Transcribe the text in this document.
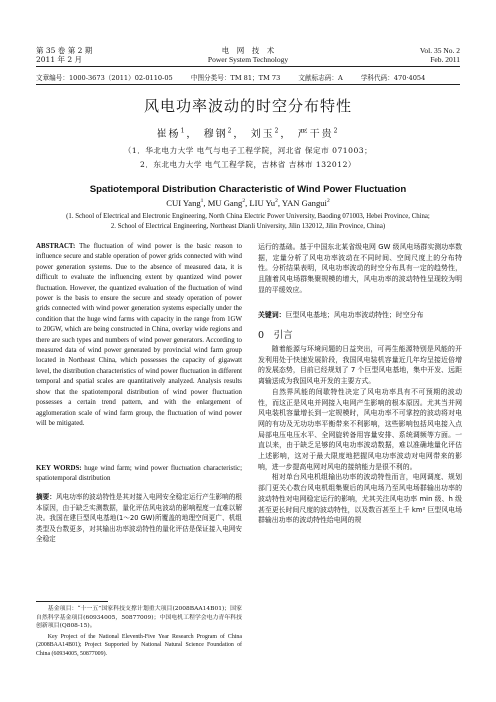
第 35 卷 第 2 期
2011 年 2 月
电　网　技　术
Power System Technology
Vol. 35 No. 2
Feb. 2011
文章编号：1000-3673（2011）02-0110-05	中图分类号：TM 81；TM 73	文献标志码：A	学科代码：470·4054
风电功率波动的时空分布特性
崔杨$^1$， 穆钢$^2$， 刘玉$^2$， 严干贵$^2$
（1．华北电力大学 电气与电子工程学院，河北省 保定市 071003；
2．东北电力大学 电气工程学院，吉林省 吉林市 132012）
Spatiotemporal Distribution Characteristic of Wind Power Fluctuation
CUI Yang$^1$, MU Gang$^2$, LIU Yu$^2$, YAN Gangui$^2$
(1. School of Electrical and Electronic Engineering, North China Electric Power University, Baoding 071003, Hebei Province, China;
2. School of Electrical Engineering, Northeast Dianli University, Jilin 132012, Jilin Province, China)
ABSTRACT: The fluctuation of wind power is the basic reason to influence secure and stable operation of power grids connected with wind power generation systems. Due to the absence of measured data, it is difficult to evaluate the influencing extent by quantized wind power fluctuation. However, the quantized evaluation of the fluctuation of wind power is the basis to ensure the secure and steady operation of power grids connected with wind power generation systems especially under the condition that the huge wind farms with capacity in the range from 1GW to 20GW, which are being constructed in China, overlay wide regions and there are such types and numbers of wind power generators. According to measured data of wind power generated by provincial wind farm group located in Northeast China, which possesses the capacity of gigawatt level, the distribution characteristics of wind power fluctuation in different temporal and spatial scales are quantitatively analyzed. Analysis results show that the spatiotemporal distribution of wind power fluctuation possesses a certain trend pattern, and with the enlargement of agglomeration scale of wind farm group, the fluctuation of wind power will be mitigated.
KEY WORDS: huge wind farm; wind power fluctuation characteristic; spatiotemporal distribution
摘要：风电功率的波动特性是其对接入电网安全稳定运行产生影响的根本原因，由于缺乏实测数据，量化评估风电波动的影响程度一直难以解决。我国在建巨型风电基地(1～20 GW)所覆盖的地理空间更广、机组类型及台数更多，对其输出功率波动特性的量化评估是保证接入电网安全稳定
基金项目：“十一五”国家科技支撑计划重大项目(2008BAA14B01)；国家自然科学基金项目(60934005，50877009)；中国电机工程学会电力青年科技创新项目(Q808-15)。
Key Project of the National Eleventh-Five Year Research Program of China (2008BAA14B01); Project Supported by National Natural Science Foundation of China (60934005, 50877009).
运行的基础。基于中国东北某省级电网 GW 级风电场群实测功率数据，定量分析了风电功率波动在不同时间、空间尺度上的分布特性。分析结果表明，风电功率波动的时空分布具有一定的趋势性，且随着风电场群集聚规模的增大，风电功率的波动特性呈现较为明显的平缓效应。
关键词：巨型风电基地；风电功率波动特性；时空分布
0　 引言

随着能源与环境问题的日益突出，可再生能源特别是风能的开发利用处于快速发展阶段，我国风电装机容量近几年均呈接近倍增的发展态势，目前已经规划了 7 个巨型风电基地，集中开发、远距离输送成为我国风电开发的主要方式。

自然界风能的间歇特性决定了风电功率具有不可预期的波动性，而这正是风电并网接入电网产生影响的根本原因。尤其当并网风电装机容量增长到一定规模时，风电功率不可掌控的波动将对电网的有功及无功功率平衡带来不利影响，这些影响包括风电接入点局部电压电压水平、全网旋转备用容量安排、系统调频等方面。一直以来，由于缺乏足够的风电功率波动数据，难以准确地量化评估上述影响，这对于最大限度地把握风电功率波动对电网带来的影响，进一步提高电网对风电的接纳能力是很不利的。

相对单台风电机组输出功率的波动特性而言，电网调度、规划部门更关心数台风电机组集聚后的风电场乃至风电场群输出功率的波动特性对电网稳定运行的影响，尤其关注风电功率 min 级、h 级甚至更长时间尺度的波动特性，以及数百甚至上千 km² 巨型风电场群输出功率的波动特性给电网的规
